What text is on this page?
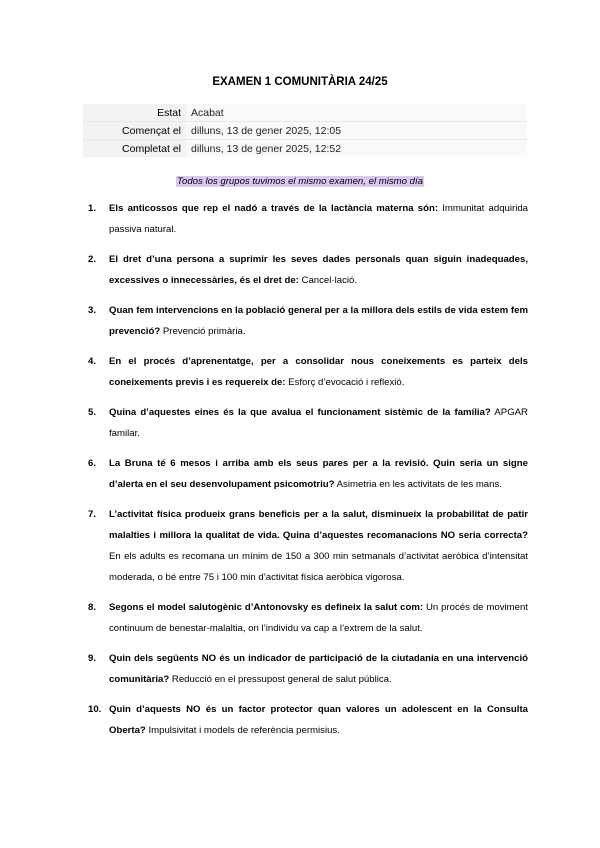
EXAMEN 1 COMUNITÀRIA 24/25
Estat	Acabat
Començat el	dilluns, 13 de gener 2025, 12:05
Completat el	dilluns, 13 de gener 2025, 12:52
Todos los grupos tuvimos el mismo examen, el mismo día
1. Els anticossos que rep el nadó a través de la lactància materna són: Immunitat adquirida passiva natural.
2. El dret d’una persona a suprimir les seves dades personals quan siguin inadequades, excessives o innecessàries, és el dret de: Cancel·lació.
3. Quan fem intervencions en la població general per a la millora dels estils de vida estem fem prevenció? Prevenció primària.
4. En el procés d’aprenentatge, per a consolidar nous coneixements es parteix dels coneixements previs i es requereix de: Esforç d’evocació i reflexió.
5. Quina d’aquestes eines és la que avalua el funcionament sistèmic de la família? APGAR familar.
6. La Bruna té 6 mesos i arriba amb els seus pares per a la revisió. Quin seria un signe d’alerta en el seu desenvolupament psicomotriu? Asimetria en les activitats de les mans.
7. L’activitat física produeix grans beneficis per a la salut, disminueix la probabilitat de patir malalties i millora la qualitat de vida. Quina d’aquestes recomanacions NO seria correcta? En els adults es recomana un mínim de 150 a 300 min setmanals d’activitat aeròbica d’intensitat moderada, o bé entre 75 i 100 min d’activitat física aeròbica vigorosa.
8. Segons el model salutogènic d’Antonovsky es defineix la salut com: Un procés de moviment continuum de benestar-malaltia, on l’individu va cap a l’extrem de la salut.
9. Quin dels següents NO és un indicador de participació de la ciutadania en una intervenció comunitària? Reducció en el pressupost general de salut pública.
10. Quin d’aquests NO és un factor protector quan valores un adolescent en la Consulta Oberta? Impulsivitat i models de referència permisius.
